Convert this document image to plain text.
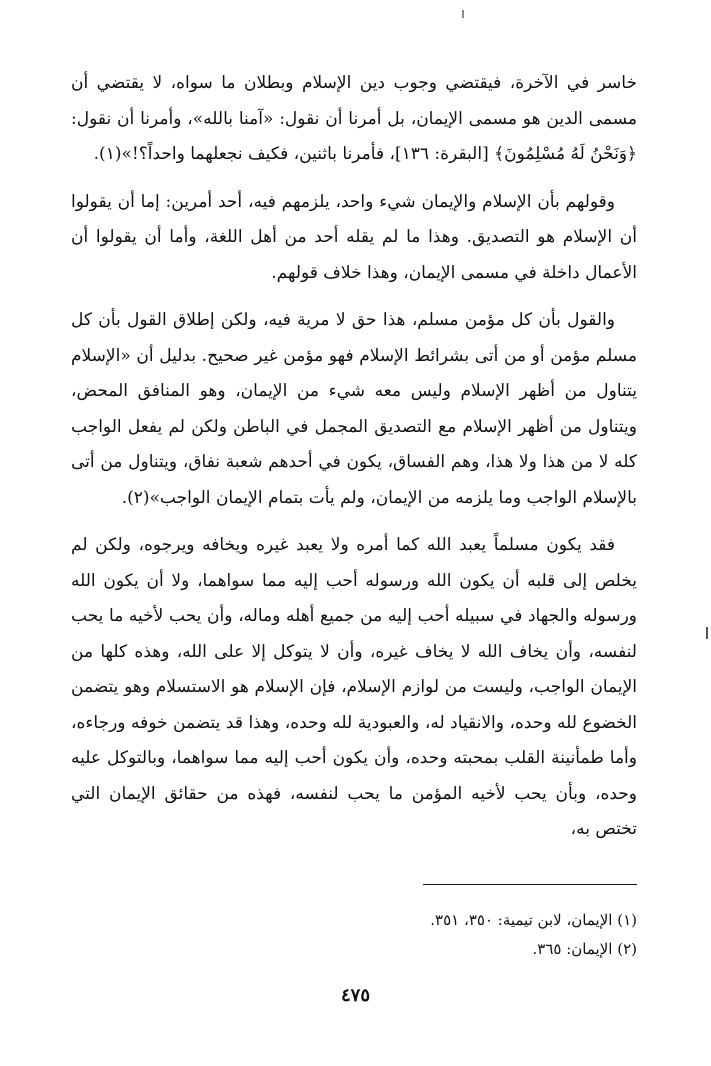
خاسر في الآخرة، فيقتضي وجوب دين الإسلام وبطلان ما سواه، لا يقتضي أن مسمى الدين هو مسمى الإيمان، بل أمرنا أن نقول: «آمنا بالله»، وأمرنا أن نقول: ﴿وَنَحْنُ لَهُ مُسْلِمُونَ﴾ [البقرة: ١٣٦]، فأمرنا باثنين، فكيف نجعلهما واحداً؟!»(١).

وقولهم بأن الإسلام والإيمان شيء واحد، يلزمهم فيه، أحد أمرين: إما أن يقولوا أن الإسلام هو التصديق. وهذا ما لم يقله أحد من أهل اللغة، وأما أن يقولوا أن الأعمال داخلة في مسمى الإيمان، وهذا خلاف قولهم.

والقول بأن كل مؤمن مسلم، هذا حق لا مرية فيه، ولكن إطلاق القول بأن كل مسلم مؤمن أو من أتى بشرائط الإسلام فهو مؤمن غير صحيح. بدليل أن «الإسلام يتناول من أظهر الإسلام وليس معه شيء من الإيمان، وهو المنافق المحض، ويتناول من أظهر الإسلام مع التصديق المجمل في الباطن ولكن لم يفعل الواجب كله لا من هذا ولا هذا، وهم الفساق، يكون في أحدهم شعبة نفاق، ويتناول من أتى بالإسلام الواجب وما يلزمه من الإيمان، ولم يأت بتمام الإيمان الواجب»(٢).

فقد يكون مسلماً يعبد الله كما أمره ولا يعبد غيره ويخافه ويرجوه، ولكن لم يخلص إلى قلبه أن يكون الله ورسوله أحب إليه مما سواهما، ولا أن يكون الله ورسوله والجهاد في سبيله أحب إليه من جميع أهله وماله، وأن يحب لأخيه ما يحب لنفسه، وأن يخاف الله لا يخاف غيره، وأن لا يتوكل إلا على الله، وهذه كلها من الإيمان الواجب، وليست من لوازم الإسلام، فإن الإسلام هو الاستسلام وهو يتضمن الخضوع لله وحده، والانقياد له، والعبودية لله وحده، وهذا قد يتضمن خوفه ورجاءه، وأما طمأنينة القلب بمحبته وحده، وأن يكون أحب إليه مما سواهما، وبالتوكل عليه وحده، وبأن يحب لأخيه المؤمن ما يحب لنفسه، فهذه من حقائق الإيمان التي تختص به،

(١) الإيمان، لابن تيمية: ٣٥٠، ٣٥١.
(٢) الإيمان: ٣٦٥.
٤٧٥
